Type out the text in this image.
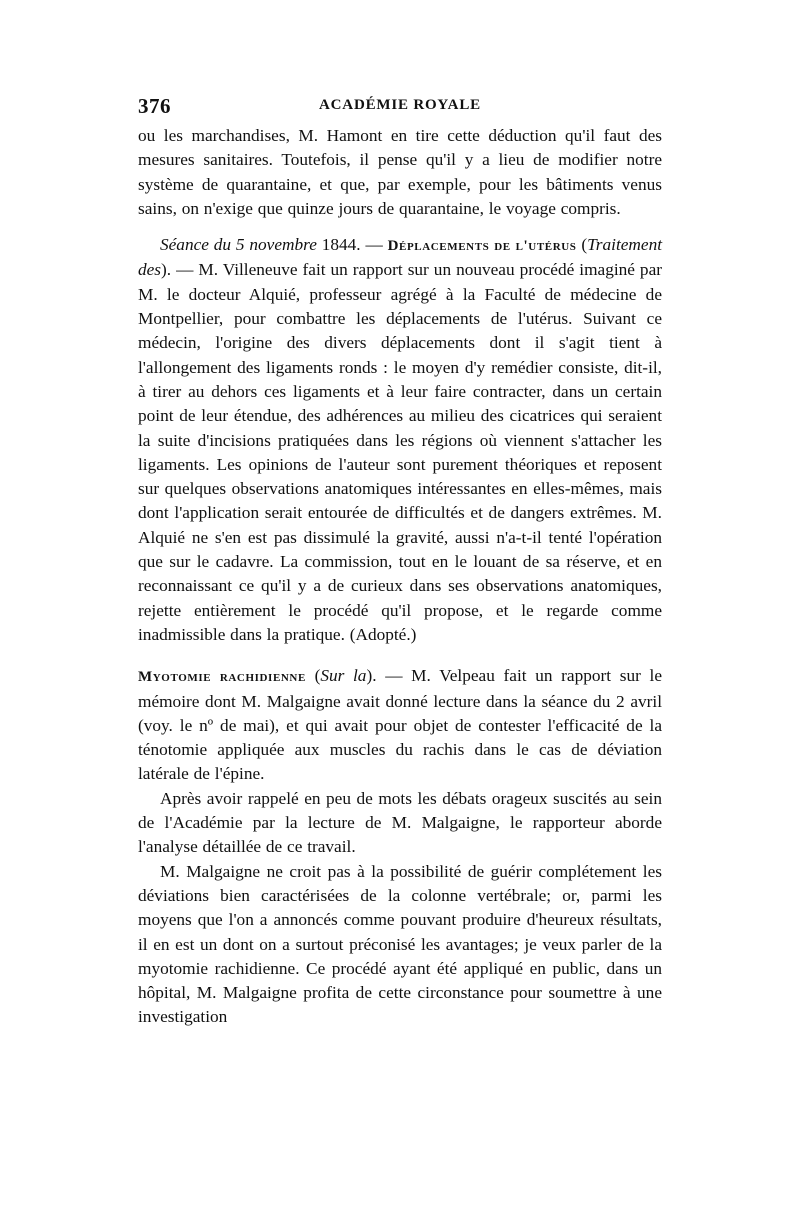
376	ACADÉMIE ROYALE

ou les marchandises, M. Hamont en tire cette déduction qu'il faut des mesures sanitaires. Toutefois, il pense qu'il y a lieu de modifier notre système de quarantaine, et que, par exemple, pour les bâtiments venus sains, on n'exige que quinze jours de quarantaine, le voyage compris.

Séance du 5 novembre 1844. — Déplacements de l'utérus (Traitement des). — M. Villeneuve fait un rapport sur un nouveau procédé imaginé par M. le docteur Alquié, professeur agrégé à la Faculté de médecine de Montpellier, pour combattre les déplacements de l'utérus. Suivant ce médecin, l'origine des divers déplacements dont il s'agit tient à l'allongement des ligaments ronds : le moyen d'y remédier consiste, dit-il, à tirer au dehors ces ligaments et à leur faire contracter, dans un certain point de leur étendue, des adhérences au milieu des cicatrices qui seraient la suite d'incisions pratiquées dans les régions où viennent s'attacher les ligaments. Les opinions de l'auteur sont purement théoriques et reposent sur quelques observations anatomiques intéressantes en elles-mêmes, mais dont l'application serait entourée de difficultés et de dangers extrêmes. M. Alquié ne s'en est pas dissimulé la gravité, aussi n'a-t-il tenté l'opération que sur le cadavre. La commission, tout en le louant de sa réserve, et en reconnaissant ce qu'il y a de curieux dans ses observations anatomiques, rejette entièrement le procédé qu'il propose, et le regarde comme inadmissible dans la pratique. (Adopté.)

Myotomie rachidienne (Sur la). — M. Velpeau fait un rapport sur le mémoire dont M. Malgaigne avait donné lecture dans la séance du 2 avril (voy. le nº de mai), et qui avait pour objet de contester l'efficacité de la ténotomie appliquée aux muscles du rachis dans le cas de déviation latérale de l'épine.

Après avoir rappelé en peu de mots les débats orageux suscités au sein de l'Académie par la lecture de M. Malgaigne, le rapporteur aborde l'analyse détaillée de ce travail.

M. Malgaigne ne croit pas à la possibilité de guérir complétement les déviations bien caractérisées de la colonne vertébrale; or, parmi les moyens que l'on a annoncés comme pouvant produire d'heureux résultats, il en est un dont on a surtout préconisé les avantages; je veux parler de la myotomie rachidienne. Ce procédé ayant été appliqué en public, dans un hôpital, M. Malgaigne profita de cette circonstance pour soumettre à une investigation
